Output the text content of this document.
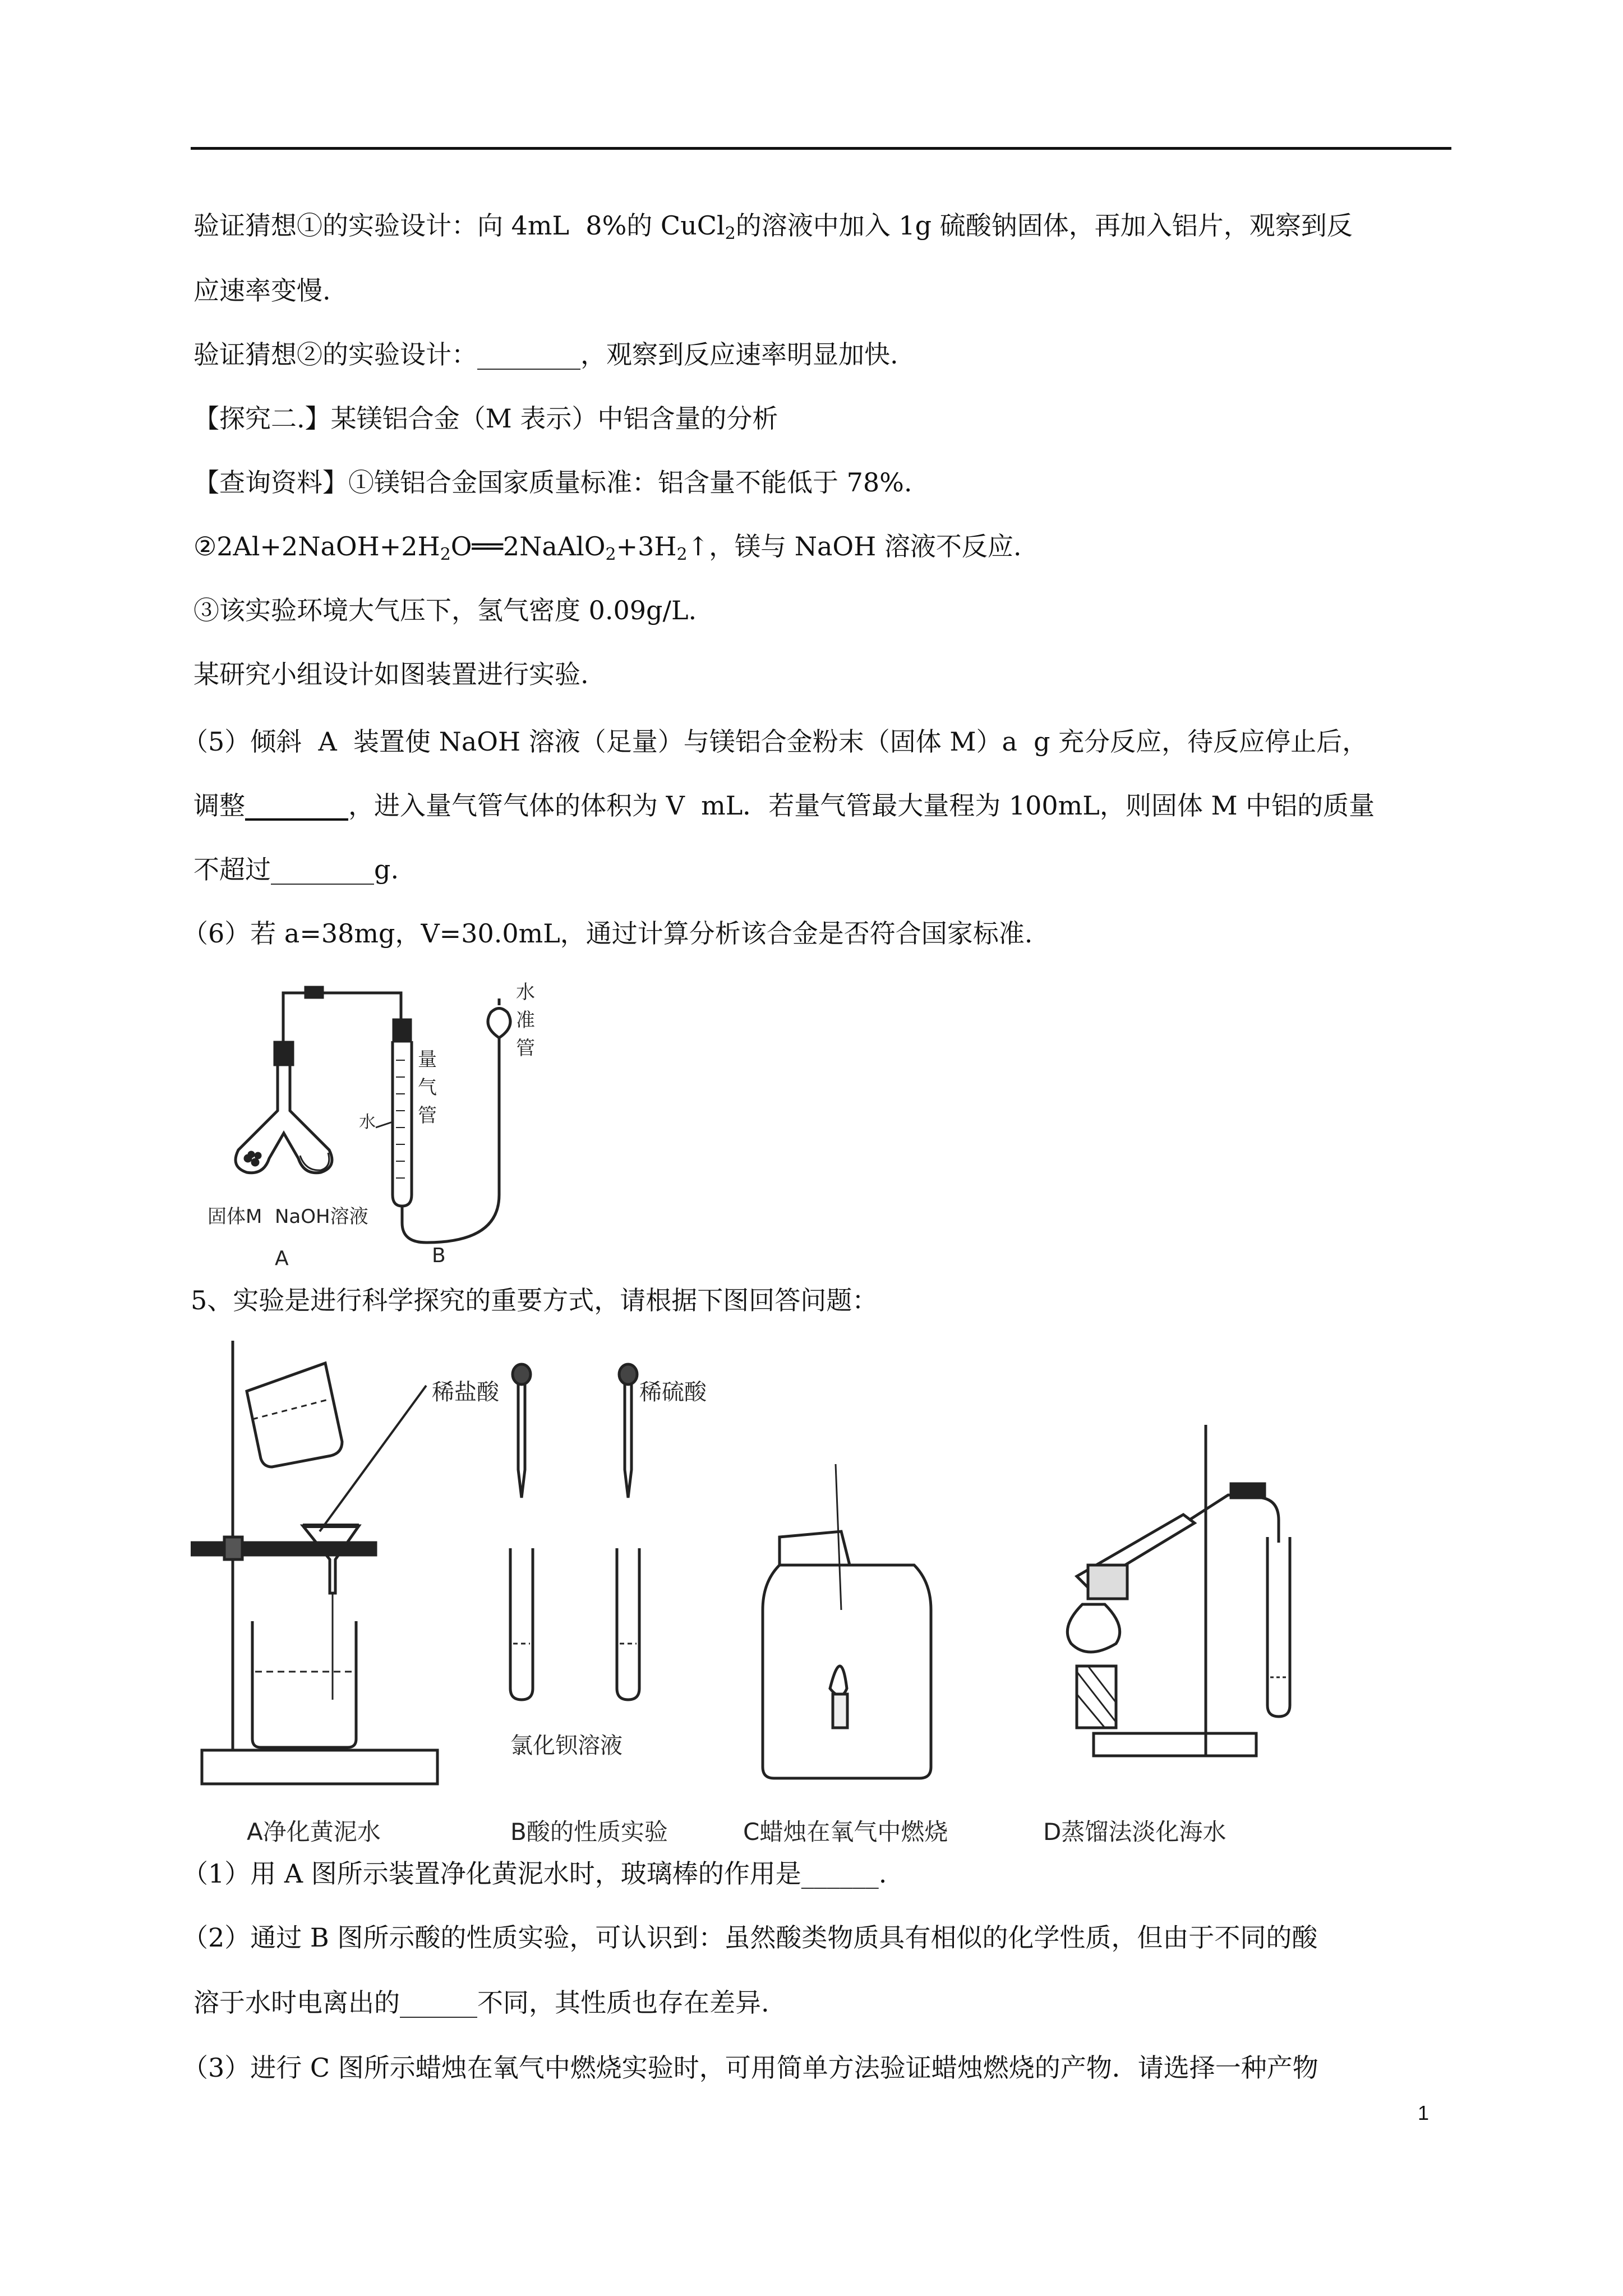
验证猜想①的实验设计：向 4mL  8%的 CuCl$_2$的溶液中加入 1g 硫酸钠固体，再加入铝片，观察到反
应速率变慢.
验证猜想②的实验设计：________，观察到反应速率明显加快.
【探究二.】某镁铝合金（M 表示）中铝含量的分析
【查询资料】①镁铝合金国家质量标准：铝含量不能低于 78%.
$②2Al+2NaOH+2H_2O══2NaAlO_2+3H_2↑$，镁与 NaOH 溶液不反应.
③该实验环境大气压下，氢气密度 0.09g/L.
某研究小组设计如图装置进行实验.
（5）倾斜  A  装置使 NaOH 溶液（足量）与镁铝合金粉末（固体 M）a  g 充分反应，待反应停止后，
调整________，进入量气管气体的体积为 V  mL．若量气管最大量程为 100mL，则固体 M 中铝的质量
不超过________g.
（6）若 a=38mg，V=30.0mL，通过计算分析该合金是否符合国家标准.
固体M NaOH溶液
水
量
气
管
水
准
管
A	B
5、实验是进行科学探究的重要方式，请根据下图回答问题：
稀盐酸	稀硫酸
氯化钡溶液
A净化黄泥水	B酸的性质实验	C蜡烛在氧气中燃烧	D蒸馏法淡化海水
（1）用 A 图所示装置净化黄泥水时，玻璃棒的作用是______.
（2）通过 B 图所示酸的性质实验，可认识到：虽然酸类物质具有相似的化学性质，但由于不同的酸
溶于水时电离出的______不同，其性质也存在差异.
（3）进行 C 图所示蜡烛在氧气中燃烧实验时，可用简单方法验证蜡烛燃烧的产物．请选择一种产物
1
